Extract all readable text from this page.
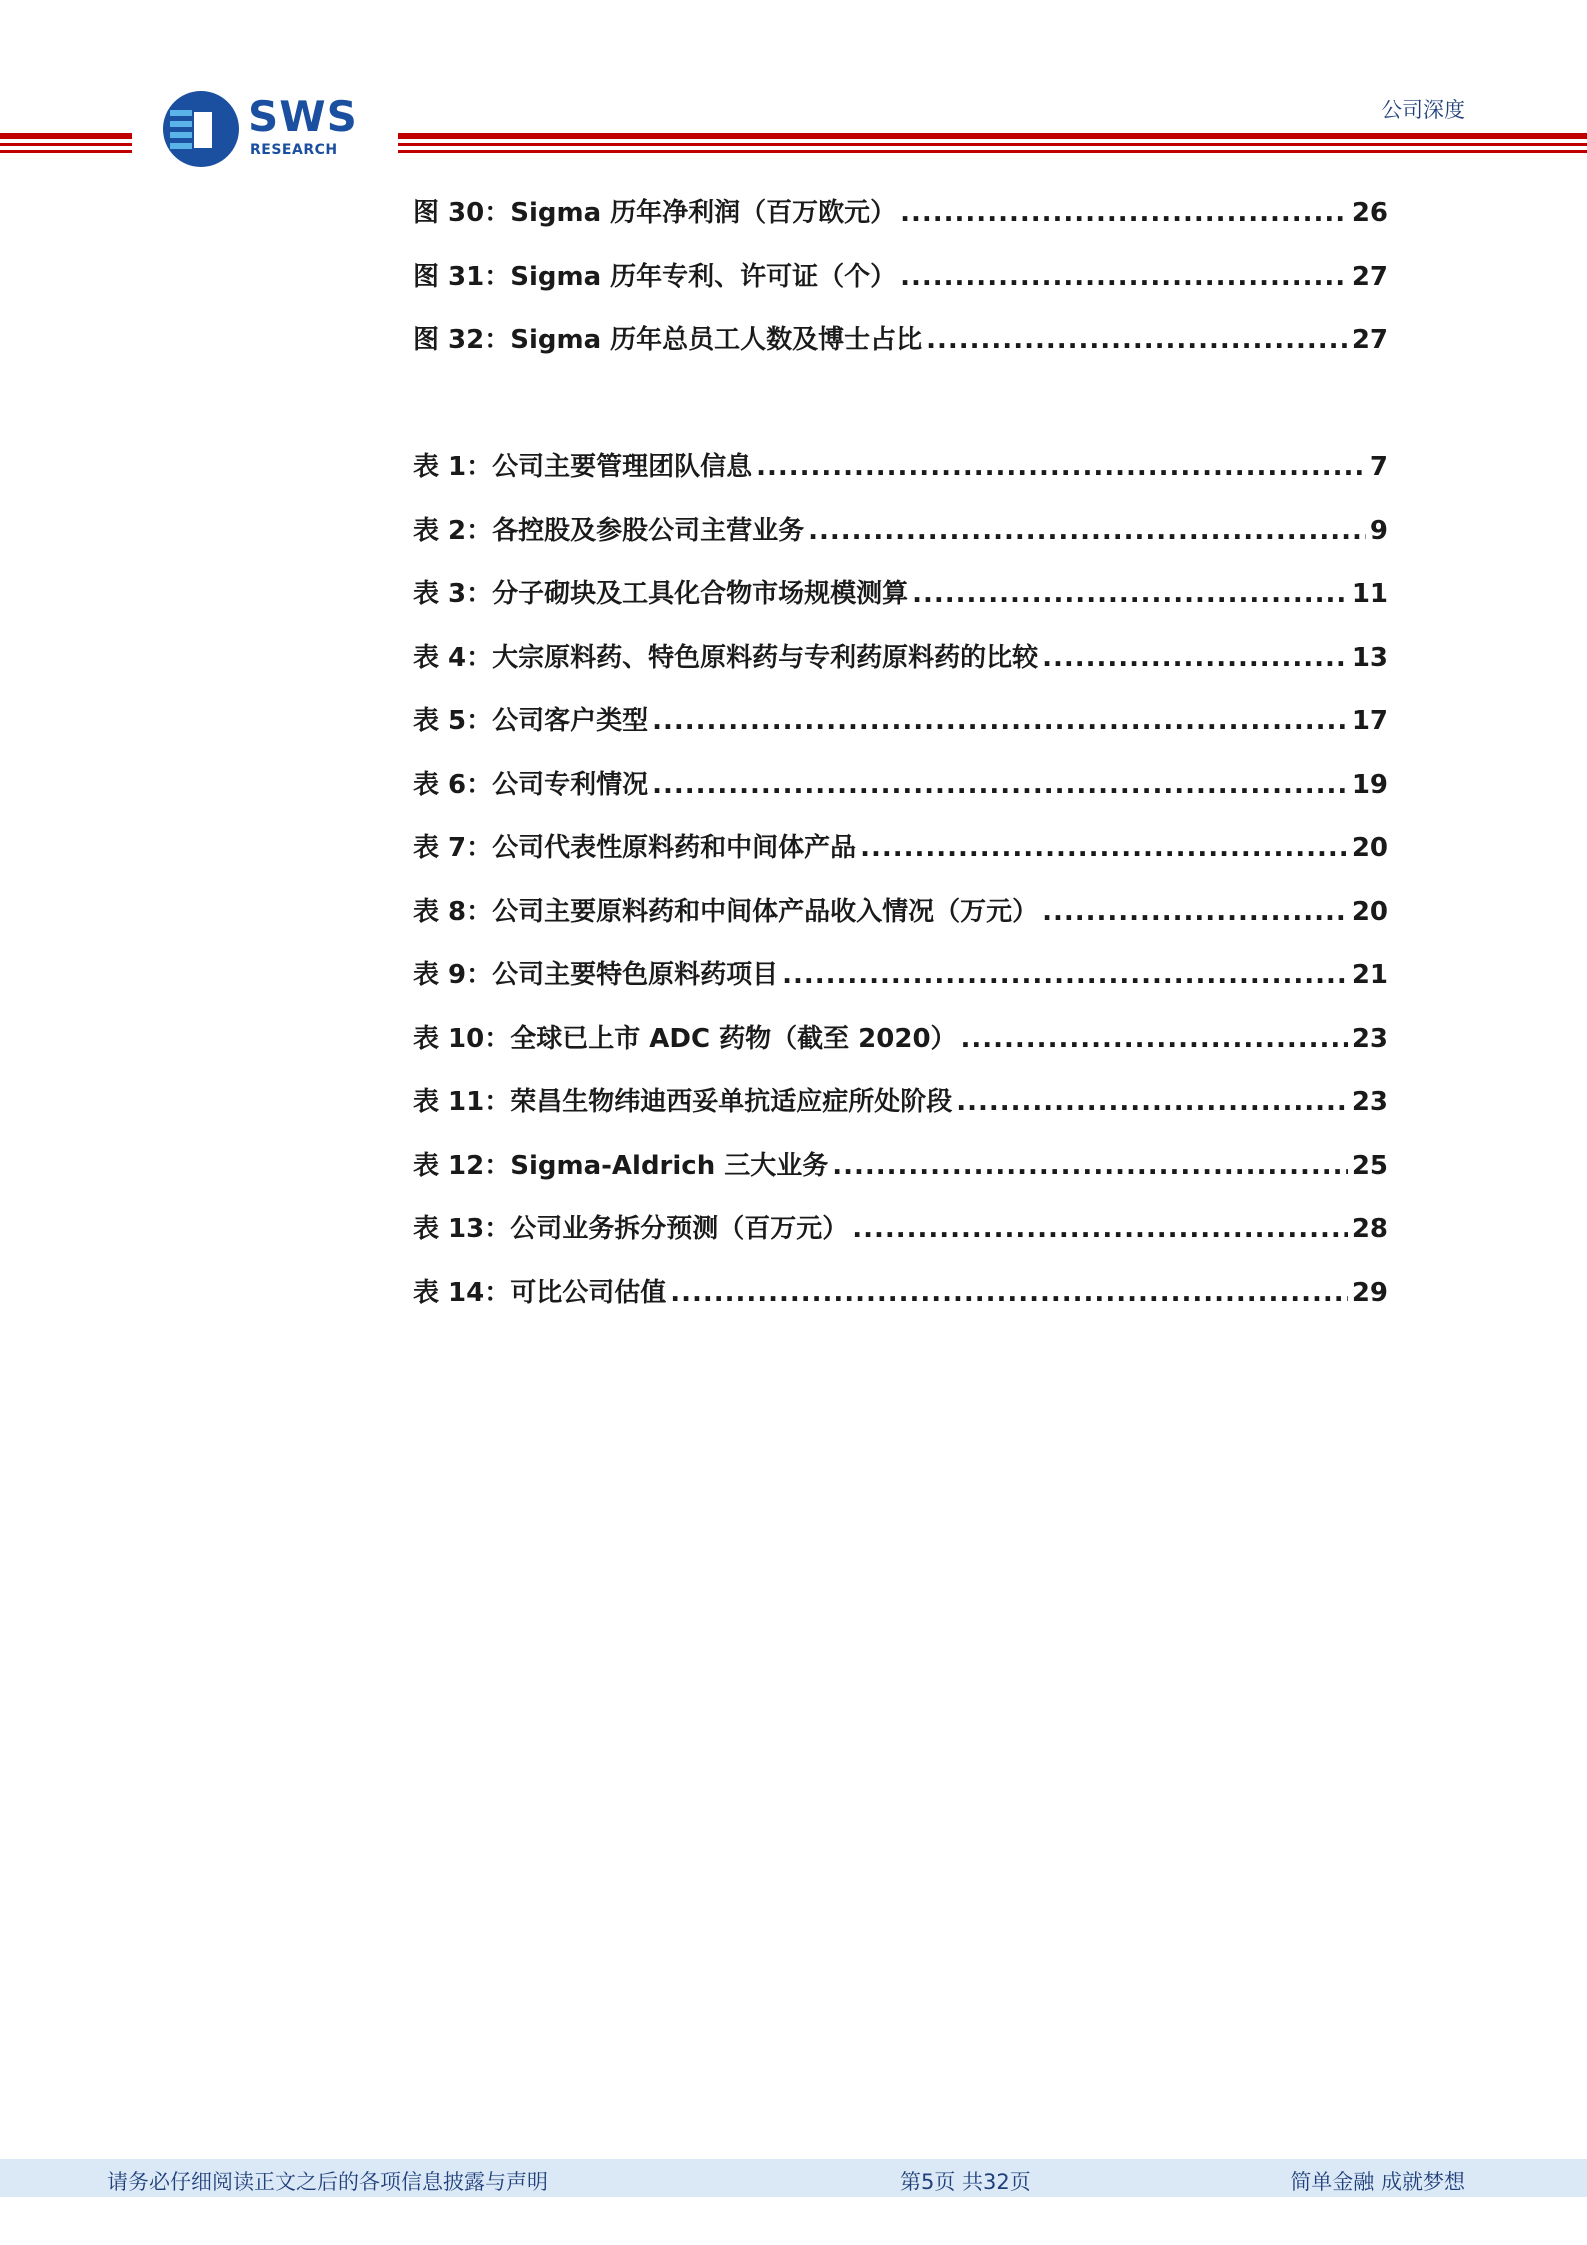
SWS
RESEARCH
公司深度
图 30：Sigma 历年净利润（百万欧元） .....	26
图 31：Sigma 历年专利、许可证（个） .....	27
图 32：Sigma 历年总员工人数及博士占比 .....	27
表 1：公司主要管理团队信息 .....	7
表 2：各控股及参股公司主营业务 .....	9
表 3：分子砌块及工具化合物市场规模测算 .....	11
表 4：大宗原料药、特色原料药与专利药原料药的比较 .....	13
表 5：公司客户类型 .....	17
表 6：公司专利情况 .....	19
表 7：公司代表性原料药和中间体产品 .....	20
表 8：公司主要原料药和中间体产品收入情况（万元） .....	20
表 9：公司主要特色原料药项目 .....	21
表 10：全球已上市 ADC 药物（截至 2020） .....	23
表 11：荣昌生物纬迪西妥单抗适应症所处阶段 .....	23
表 12：Sigma-Aldrich 三大业务 .....	25
表 13：公司业务拆分预测（百万元） .....	28
表 14：可比公司估值 .....	29
请务必仔细阅读正文之后的各项信息披露与声明	第5页 共32页	简单金融 成就梦想
